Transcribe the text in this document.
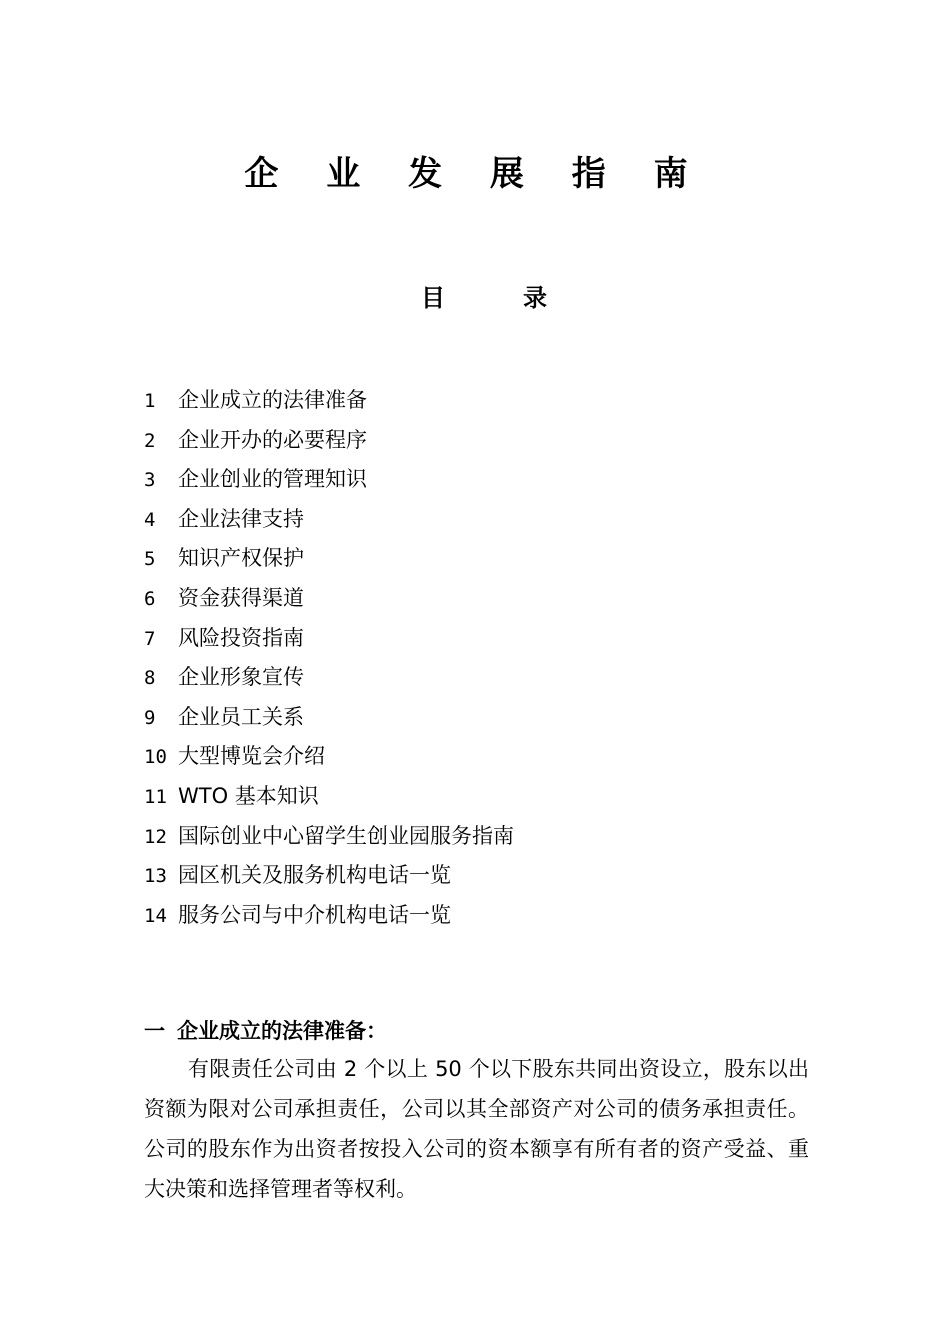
企 业 发 展 指 南
目	录
1 企业成立的法律准备
2 企业开办的必要程序
3 企业创业的管理知识
4 企业法律支持
5 知识产权保护
6 资金获得渠道
7 风险投资指南
8 企业形象宣传
9 企业员工关系
10 大型博览会介绍
11 WTO 基本知识
12 国际创业中心留学生创业园服务指南
13 园区机关及服务机构电话一览
14 服务公司与中介机构电话一览
一 企业成立的法律准备：

有限责任公司由 2 个以上 50 个以下股东共同出资设立，股东以出资额为限对公司承担责任，公司以其全部资产对公司的债务承担责任。公司的股东作为出资者按投入公司的资本额享有所有者的资产受益、重大决策和选择管理者等权利。
